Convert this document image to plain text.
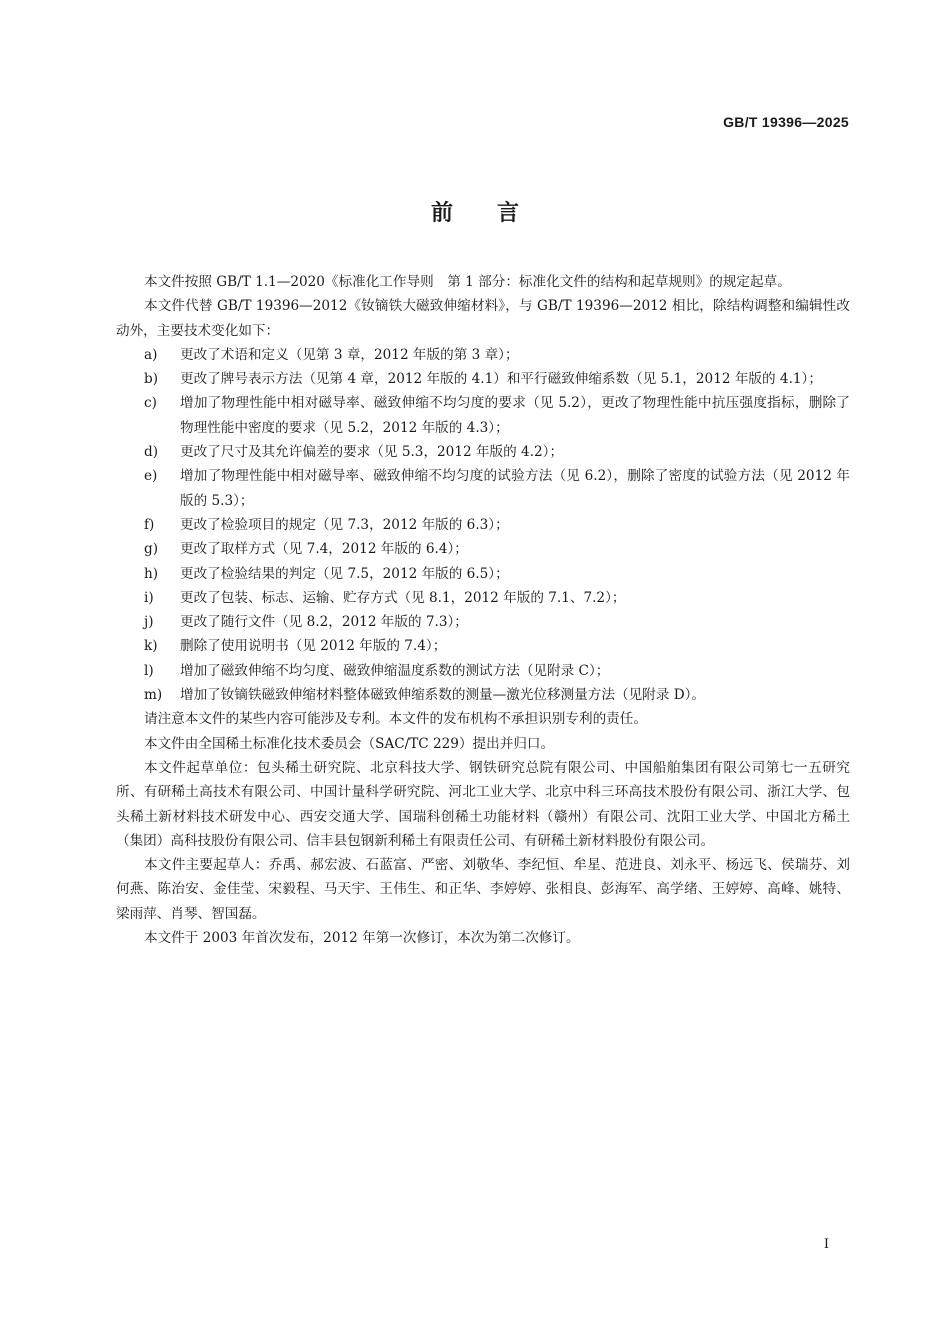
GB/T 19396—2025
前言

本文件按照 GB/T 1.1—2020《标准化工作导则　第 1 部分：标准化文件的结构和起草规则》的规定起草。

本文件代替 GB/T 19396—2012《钕镝铁大磁致伸缩材料》，与 GB/T 19396—2012 相比，除结构调整和编辑性改动外，主要技术变化如下：

a) 更改了术语和定义（见第 3 章，2012 年版的第 3 章）；
b) 更改了牌号表示方法（见第 4 章，2012 年版的 4.1）和平行磁致伸缩系数（见 5.1，2012 年版的 4.1）；
c) 增加了物理性能中相对磁导率、磁致伸缩不均匀度的要求（见 5.2），更改了物理性能中抗压强度指标，删除了物理性能中密度的要求（见 5.2，2012 年版的 4.3）；
d) 更改了尺寸及其允许偏差的要求（见 5.3，2012 年版的 4.2）；
e) 增加了物理性能中相对磁导率、磁致伸缩不均匀度的试验方法（见 6.2），删除了密度的试验方法（见 2012 年版的 5.3）；
f) 更改了检验项目的规定（见 7.3，2012 年版的 6.3）；
g) 更改了取样方式（见 7.4，2012 年版的 6.4）；
h) 更改了检验结果的判定（见 7.5，2012 年版的 6.5）；
i) 更改了包装、标志、运输、贮存方式（见 8.1，2012 年版的 7.1、7.2）；
j) 更改了随行文件（见 8.2，2012 年版的 7.3）；
k) 删除了使用说明书（见 2012 年版的 7.4）；
l) 增加了磁致伸缩不均匀度、磁致伸缩温度系数的测试方法（见附录 C）；
m) 增加了钕镝铁磁致伸缩材料整体磁致伸缩系数的测量—激光位移测量方法（见附录 D）。

请注意本文件的某些内容可能涉及专利。本文件的发布机构不承担识别专利的责任。

本文件由全国稀土标准化技术委员会（SAC/TC 229）提出并归口。

本文件起草单位：包头稀土研究院、北京科技大学、钢铁研究总院有限公司、中国船舶集团有限公司第七一五研究所、有研稀土高技术有限公司、中国计量科学研究院、河北工业大学、北京中科三环高技术股份有限公司、浙江大学、包头稀土新材料技术研发中心、西安交通大学、国瑞科创稀土功能材料（赣州）有限公司、沈阳工业大学、中国北方稀土（集团）高科技股份有限公司、信丰县包钢新利稀土有限责任公司、有研稀土新材料股份有限公司。

本文件主要起草人：乔禹、郝宏波、石蓝富、严密、刘敬华、李纪恒、牟星、范进良、刘永平、杨远飞、侯瑞芬、刘何燕、陈治安、金佳莹、宋毅程、马天宇、王伟生、和正华、李婷婷、张相良、彭海军、高学绪、王婷婷、高峰、姚特、梁雨萍、肖琴、智国磊。

本文件于 2003 年首次发布，2012 年第一次修订，本次为第二次修订。

I
